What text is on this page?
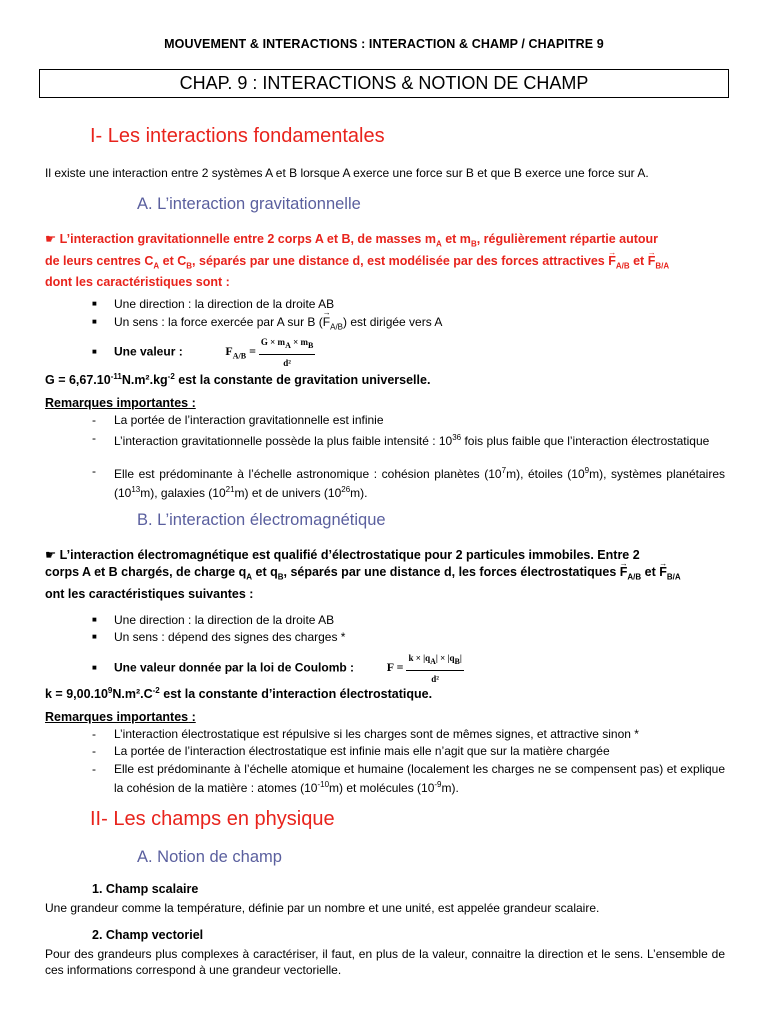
MOUVEMENT & INTERACTIONS : INTERACTION & CHAMP / CHAPITRE 9
CHAP. 9 : INTERACTIONS & NOTION DE CHAMP
I- Les interactions fondamentales
Il existe une interaction entre 2 systèmes A et B lorsque A exerce une force sur B et que B exerce une force sur A.
A. L’interaction gravitationnelle
☛ L’interaction gravitationnelle entre 2 corps A et B, de masses $m_A$ et $m_B$, régulièrement répartie autour
de leurs centres $C_A$ et $C_B$, séparés par une distance d, est modélisée par des forces attractives → $F_{A/B}$ et → $F_{B/A}$
dont les caractéristiques sont :
■ Une direction : la direction de la droite AB
■ Un sens : la force exercée par A sur B (→ $F_{A/B}$) est dirigée vers A
■ Une valeur :	$F_{A/B} = \frac{G \times m_A \times m_B}{\text{d²}}$
$G = 6,67.10^{-11}N.m^2.kg^{-2}$ est la constante de gravitation universelle.
Remarques importantes :
- La portée de l’interaction gravitationnelle est infinie
- L’interaction gravitationnelle possède la plus faible intensité : $10^{36}$ fois plus faible que l’interaction électrostatique
- Elle est prédominante à l’échelle astronomique : cohésion planètes $(10^7m)$, étoiles $(10^9m)$, systèmes planétaires $(10^{13}m)$, galaxies $(10^{21}m)$ et de univers $(10^{26}m)$.
B. L’interaction électromagnétique
☛ L’interaction électromagnétique est qualifié d’électrostatique pour 2 particules immobiles. Entre 2
corps A et B chargés, de charge $q_A$ et $q_B$, séparés par une distance d, les forces électrostatiques → $F_{A/B}$ et → $F_{B/A}$
ont les caractéristiques suivantes :
■ Une direction : la direction de la droite AB
■ Un sens : dépend des signes des charges *
■ Une valeur donnée par la loi de Coulomb :	$F = \frac{k \times |q_A| \times |q_B|}{\text{d²}}$
$k = 9,00.10^9N.m^2.C^{-2}$ est la constante d’interaction électrostatique.
Remarques importantes :
- L’interaction électrostatique est répulsive si les charges sont de mêmes signes, et attractive sinon *
- La portée de l’interaction électrostatique est infinie mais elle n’agit que sur la matière chargée
- Elle est prédominante à l’échelle atomique et humaine (localement les charges ne se compensent pas) et explique la cohésion de la matière : atomes $(10^{-10}m)$ et molécules $(10^{-9}m)$.
II- Les champs en physique
A. Notion de champ
1. Champ scalaire
Une grandeur comme la température, définie par un nombre et une unité, est appelée grandeur scalaire.
2. Champ vectoriel
Pour des grandeurs plus complexes à caractériser, il faut, en plus de la valeur, connaitre la direction et le sens. L’ensemble de ces informations correspond à une grandeur vectorielle.
